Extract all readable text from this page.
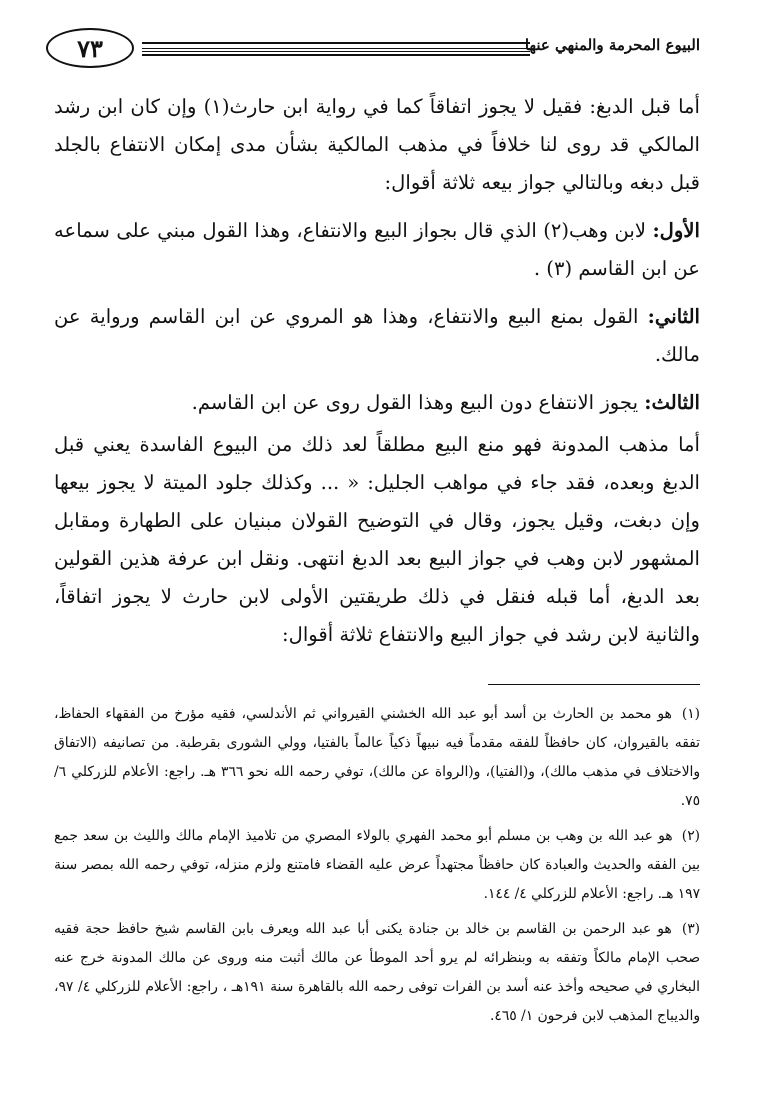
البيوع المحرمة والمنهي عنها
٧٣

أما قبل الدبغ: فقيل لا يجوز اتفاقاً كما في رواية ابن حارث(١) وإن كان ابن رشد المالكي قد روى لنا خلافاً في مذهب المالكية بشأن مدى إمكان الانتفاع بالجلد قبل دبغه وبالتالي جواز بيعه ثلاثة أقوال:

الأول: لابن وهب(٢) الذي قال بجواز البيع والانتفاع، وهذا القول مبني على سماعه عن ابن القاسم (٣) .

الثاني: القول بمنع البيع والانتفاع، وهذا هو المروي عن ابن القاسم ورواية عن مالك.

الثالث: يجوز الانتفاع دون البيع وهذا القول روى عن ابن القاسم.

أما مذهب المدونة فهو منع البيع مطلقاً لعد ذلك من البيوع الفاسدة يعني قبل الدبغ وبعده، فقد جاء في مواهب الجليل: « ... وكذلك جلود الميتة لا يجوز بيعها وإن دبغت، وقيل يجوز، وقال في التوضيح القولان مبنيان على الطهارة ومقابل المشهور لابن وهب في جواز البيع بعد الدبغ انتهى. ونقل ابن عرفة هذين القولين بعد الدبغ، أما قبله فنقل في ذلك طريقتين الأولى لابن حارث لا يجوز اتفاقاً، والثانية لابن رشد في جواز البيع والانتفاع ثلاثة أقوال:

(١) هو محمد بن الحارث بن أسد أبو عبد الله الخشني القيرواني ثم الأندلسي، فقيه مؤرخ من الفقهاء الحفاظ، تفقه بالقيروان، كان حافظاً للفقه مقدماً فيه نبيهاً ذكياً عالماً بالفتيا، وولي الشورى بقرطبة. من تصانيفه (الاتفاق والاختلاف في مذهب مالك)، و(الفتيا)، و(الرواة عن مالك)، توفي رحمه الله نحو ٣٦٦ هـ. راجع: الأعلام للزركلي ٦/ ٧٥.

(٢) هو عبد الله بن وهب بن مسلم أبو محمد الفهري بالولاء المصري من تلاميذ الإمام مالك والليث بن سعد جمع بين الفقه والحديث والعبادة كان حافظاً مجتهداً عرض عليه القضاء فامتنع ولزم منزله، توفي رحمه الله بمصر سنة ١٩٧ هـ. راجع: الأعلام للزركلي ٤/ ١٤٤.

(٣) هو عبد الرحمن بن القاسم بن خالد بن جنادة يكنى أبا عبد الله ويعرف بابن القاسم شيخ حافظ حجة فقيه صحب الإمام مالكاً وتفقه به وبنظرائه لم يرو أحد الموطأ عن مالك أثبت منه وروى عن مالك المدونة خرج عنه البخاري في صحيحه وأخذ عنه أسد بن الفرات توفى رحمه الله بالقاهرة سنة ١٩١هـ ، راجع: الأعلام للزركلي ٤/ ٩٧، والديباج المذهب لابن فرحون ١/ ٤٦٥.
